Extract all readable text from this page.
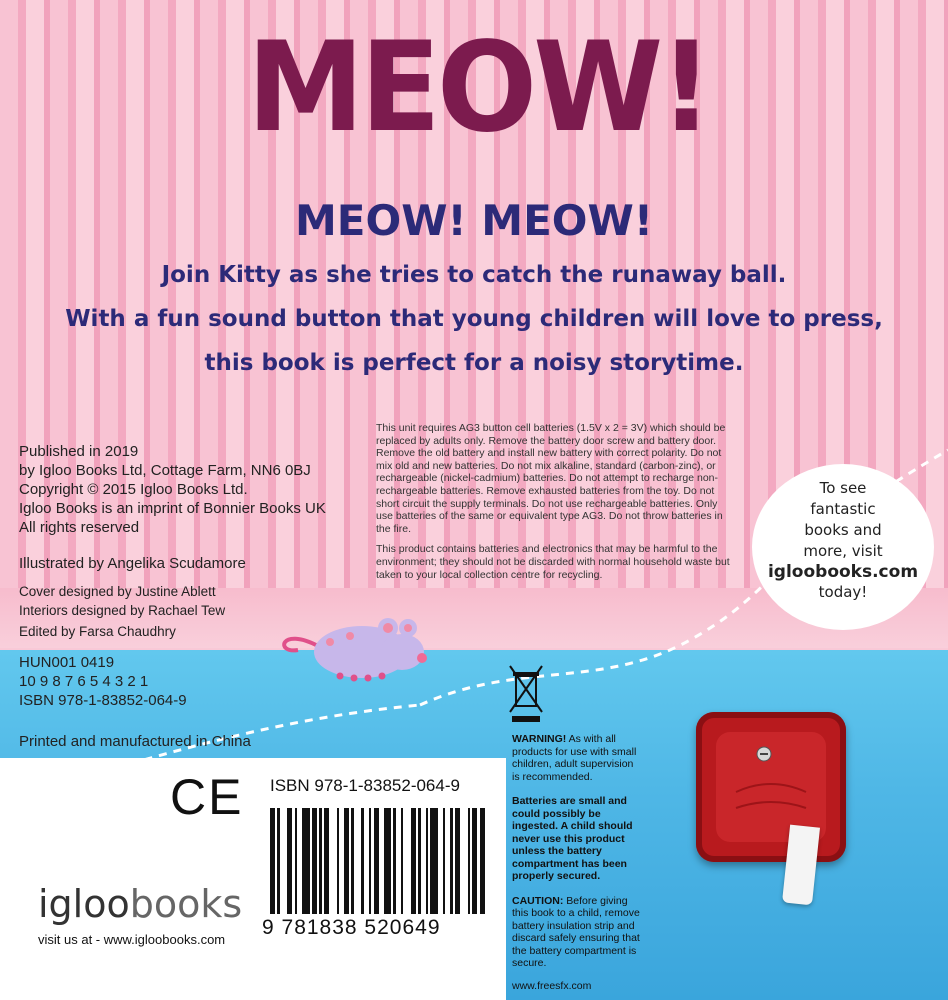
MEOW!
MEOW! MEOW!
Join Kitty as she tries to catch the runaway ball.
With a fun sound button that young children will love to press,
this book is perfect for a noisy storytime.
Published in 2019
by Igloo Books Ltd, Cottage Farm, NN6 0BJ
Copyright © 2015 Igloo Books Ltd.
Igloo Books is an imprint of Bonnier Books UK
All rights reserved
Illustrated by Angelika Scudamore
Cover designed by Justine Ablett
Interiors designed by Rachael Tew
Edited by Farsa Chaudhry
HUN001 0419
10 9 8 7 6 5 4 3 2 1
ISBN 978-1-83852-064-9
Printed and manufactured in China
This unit requires AG3 button cell batteries (1.5V x 2 = 3V) which should be replaced by adults only. Remove the battery door screw and battery door. Remove the old battery and install new battery with correct polarity. Do not mix old and new batteries. Do not mix alkaline, standard (carbon-zinc), or rechargeable (nickel-cadmium) batteries. Do not attempt to recharge non-rechargeable batteries. Remove exhausted batteries from the toy. Do not short circuit the supply terminals. Do not use rechargeable batteries. Only use batteries of the same or equivalent type AG3. Do not throw batteries in the fire.
This product contains batteries and electronics that may be harmful to the environment; they should not be discarded with normal household waste but taken to your local collection centre for recycling.
To see
fantastic
books and
more, visit
igloobooks.com
today!
WARNING! As with all products for use with small children, adult supervision is recommended.
Batteries are small and could possibly be ingested. A child should never use this product unless the battery compartment has been properly secured.
CAUTION: Before giving this book to a child, remove battery insulation strip and discard safely ensuring that the battery compartment is secure.
www.freesfx.com
CE ISBN 978-1-83852-064-9
9 781838 520649
igloobooks
visit us at - www.igloobooks.com
